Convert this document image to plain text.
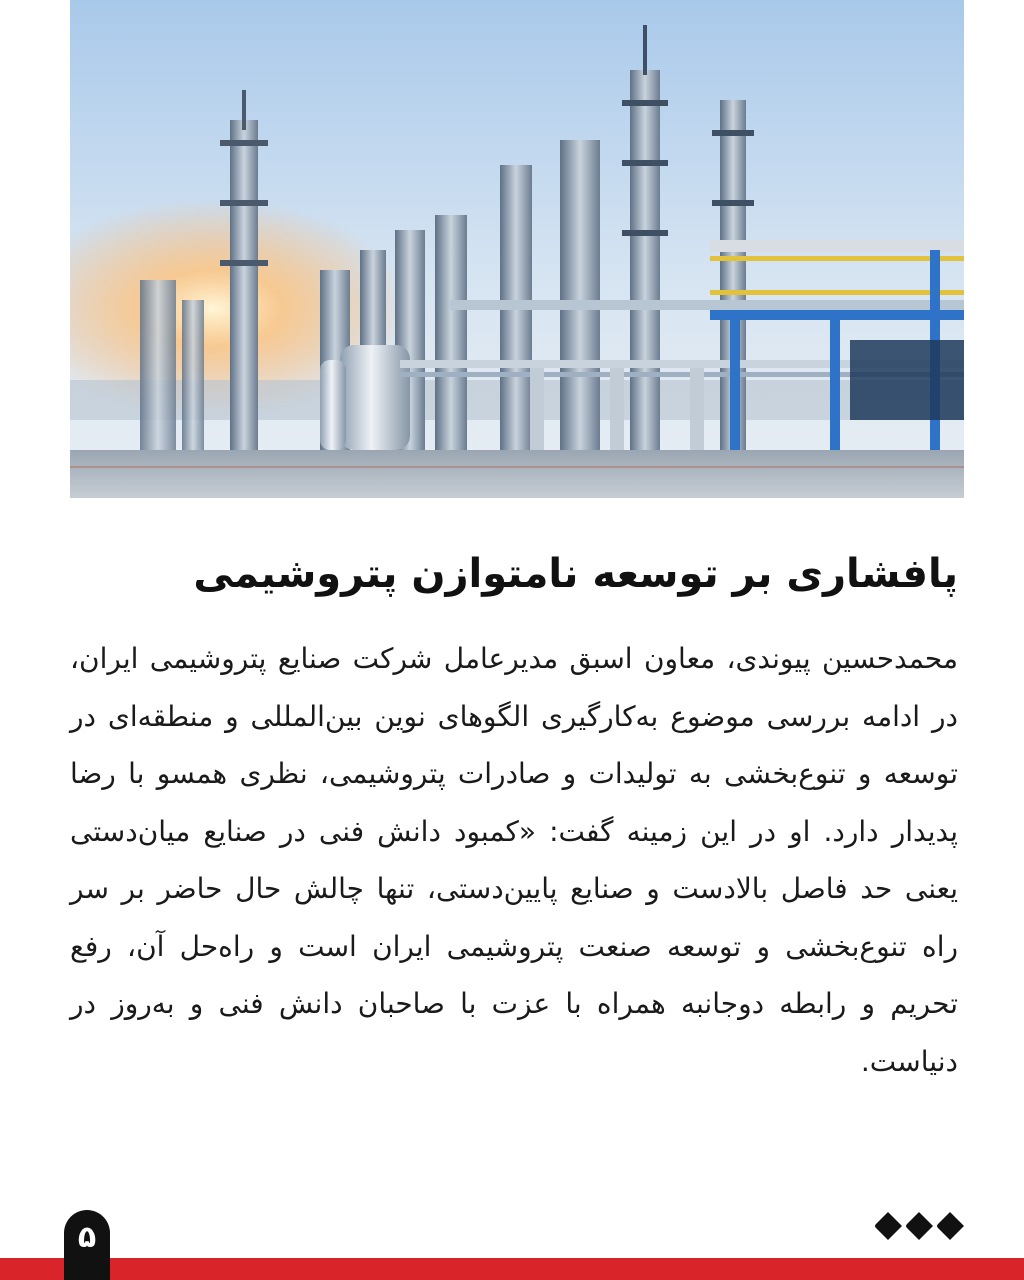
پافشاری بر توسعه نامتوازن پتروشیمی

محمدحسین پیوندی، معاون اسبق مدیرعامل شرکت صنایع پتروشیمی ایران، در ادامه بررسی موضوع به‌کارگیری الگوهای نوین بین‌المللی و منطقه‌ای در توسعه و تنوع‌بخشی به تولیدات و صادرات پتروشیمی، نظری همسو با رضا پدیدار دارد. او در این زمینه گفت: «کمبود دانش فنی در صنایع میان‌دستی یعنی حد فاصل بالادست و صنایع پایین‌دستی، تنها چالش حال حاضر بر سر راه تنوع‌بخشی و توسعه صنعت پتروشیمی ایران است و راه‌حل آن، رفع تحریم و رابطه دوجانبه همراه با عزت با صاحبان دانش فنی و به‌روز در دنیاست.

۵
